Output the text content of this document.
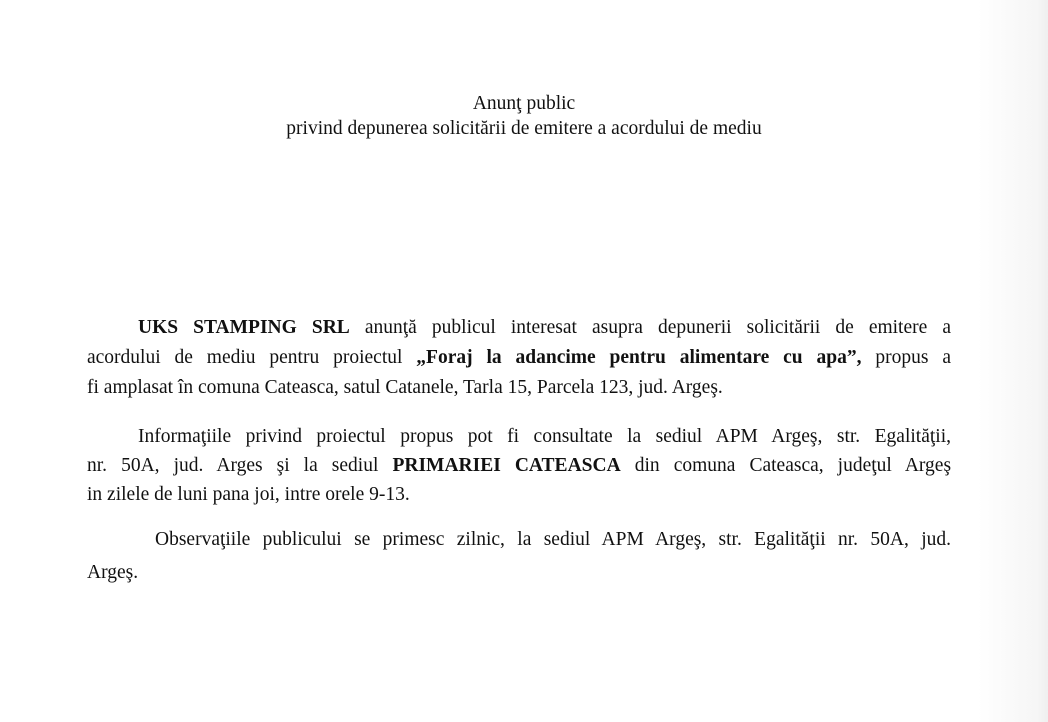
Anunţ public
privind depunerea solicitării de emitere a acordului de mediu
UKS STAMPING SRL anunţă publicul interesat asupra depunerii solicitării de emitere a
acordului de mediu pentru proiectul „Foraj la adancime pentru alimentare cu apa”, propus a
fi amplasat în comuna Cateasca, satul Catanele, Tarla 15, Parcela 123, jud. Argeş.
Informaţiile privind proiectul propus pot fi consultate la sediul APM Argeş, str. Egalităţii,
nr. 50A, jud. Arges şi la sediul PRIMARIEI CATEASCA din comuna Cateasca, judeţul Argeş
in zilele de luni pana joi, intre orele 9-13.
Observaţiile publicului se primesc zilnic, la sediul APM Argeş, str. Egalităţii nr. 50A, jud.
Argeş.
